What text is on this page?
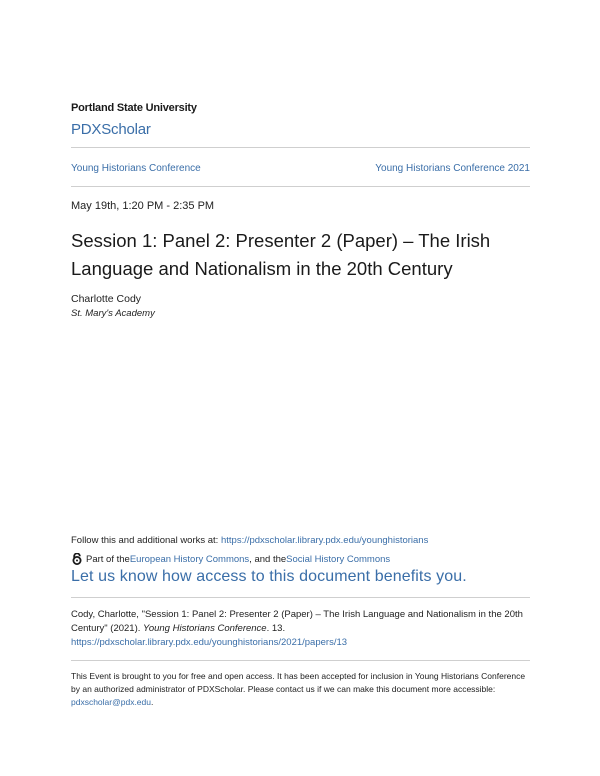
Portland State University
PDXScholar
Young Historians Conference	Young Historians Conference 2021
May 19th, 1:20 PM - 2:35 PM
Session 1: Panel 2: Presenter 2 (Paper) – The Irish Language and Nationalism in the 20th Century
Charlotte Cody
St. Mary's Academy
Follow this and additional works at: https://pdxscholar.library.pdx.edu/younghistorians
Part of the European History Commons , and the Social History Commons
Let us know how access to this document benefits you.
Cody, Charlotte, "Session 1: Panel 2: Presenter 2 (Paper) – The Irish Language and Nationalism in the 20th Century" (2021). Young Historians Conference. 13.
https://pdxscholar.library.pdx.edu/younghistorians/2021/papers/13
This Event is brought to you for free and open access. It has been accepted for inclusion in Young Historians Conference by an authorized administrator of PDXScholar. Please contact us if we can make this document more accessible: pdxscholar@pdx.edu.
